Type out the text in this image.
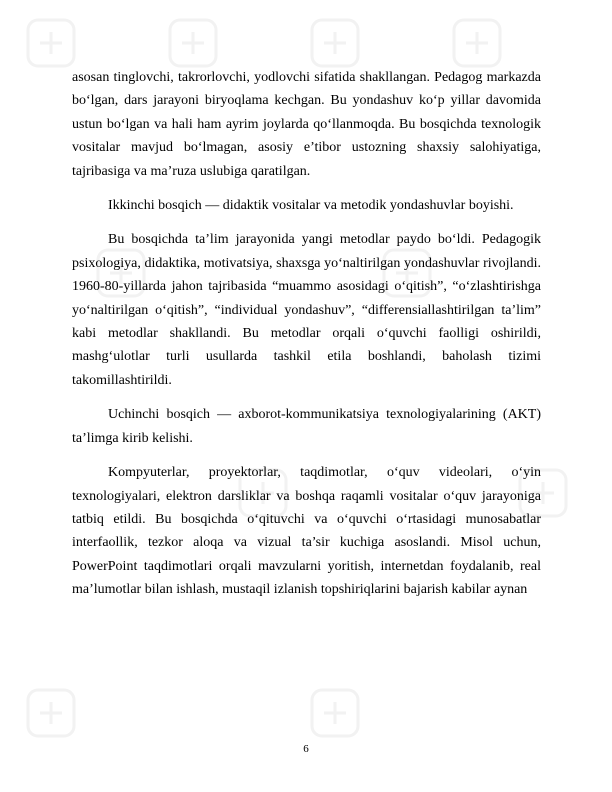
asosan tinglovchi, takrorlovchi, yodlovchi sifatida shakllangan. Pedagog markazda bo‘lgan, dars jarayoni biryoqlama kechgan. Bu yondashuv ko‘p yillar davomida ustun bo‘lgan va hali ham ayrim joylarda qo‘llanmoqda. Bu bosqichda texnologik vositalar mavjud bo‘lmagan, asosiy e’tibor ustozning shaxsiy salohiyatiga, tajribasiga va ma’ruza uslubiga qaratilgan.

Ikkinchi bosqich — didaktik vositalar va metodik yondashuvlar boyishi.

Bu bosqichda ta’lim jarayonida yangi metodlar paydo bo‘ldi. Pedagogik psixologiya, didaktika, motivatsiya, shaxsga yo‘naltirilgan yondashuvlar rivojlandi. 1960-80-yillarda jahon tajribasida “muammo asosidagi o‘qitish”, “o‘zlashtirishga yo‘naltirilgan o‘qitish”, “individual yondashuv”, “differensiallashtirilgan ta’lim” kabi metodlar shakllandi. Bu metodlar orqali o‘quvchi faolligi oshirildi, mashg‘ulotlar turli usullarda tashkil etila boshlandi, baholash tizimi takomillashtirildi.

Uchinchi bosqich — axborot-kommunikatsiya texnologiyalarining (AKT) ta’limga kirib kelishi.

Kompyuterlar, proyektorlar, taqdimotlar, o‘quv videolari, o‘yin texnologiyalari, elektron darsliklar va boshqa raqamli vositalar o‘quv jarayoniga tatbiq etildi. Bu bosqichda o‘qituvchi va o‘quvchi o‘rtasidagi munosabatlar interfaollik, tezkor aloqa va vizual ta’sir kuchiga asoslandi. Misol uchun, PowerPoint taqdimotlari orqali mavzularni yoritish, internetdan foydalanib, real ma’lumotlar bilan ishlash, mustaqil izlanish topshiriqlarini bajarish kabilar aynan

6
